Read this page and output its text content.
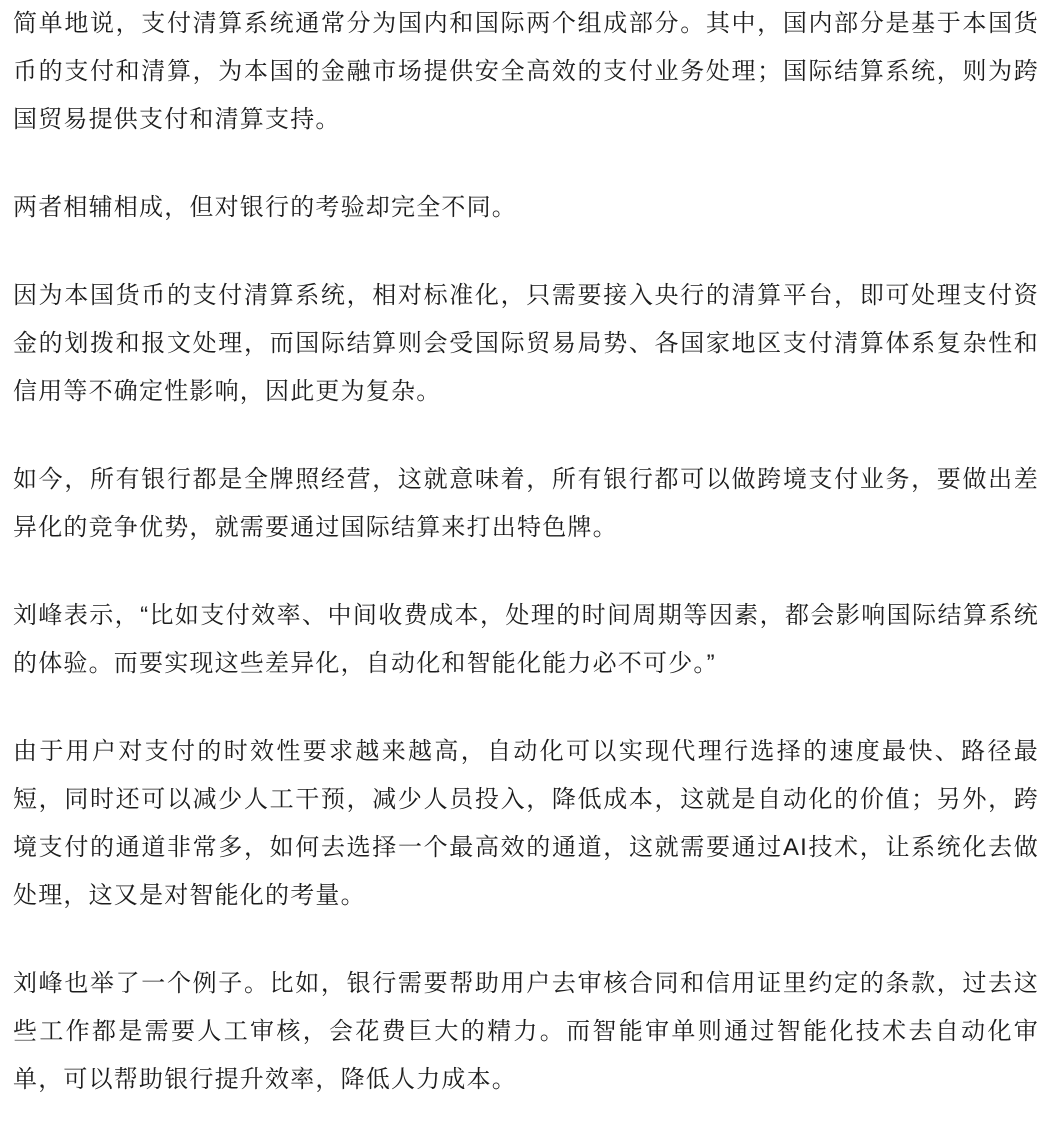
简单地说，支付清算系统通常分为国内和国际两个组成部分。其中，国内部分是基于本国货币的支付和清算，为本国的金融市场提供安全高效的支付业务处理；国际结算系统，则为跨国贸易提供支付和清算支持。

两者相辅相成，但对银行的考验却完全不同。

因为本国货币的支付清算系统，相对标准化，只需要接入央行的清算平台，即可处理支付资金的划拨和报文处理，而国际结算则会受国际贸易局势、各国家地区支付清算体系复杂性和信用等不确定性影响，因此更为复杂。

如今，所有银行都是全牌照经营，这就意味着，所有银行都可以做跨境支付业务，要做出差异化的竞争优势，就需要通过国际结算来打出特色牌。

刘峰表示，“比如支付效率、中间收费成本，处理的时间周期等因素，都会影响国际结算系统的体验。而要实现这些差异化，自动化和智能化能力必不可少。”

由于用户对支付的时效性要求越来越高，自动化可以实现代理行选择的速度最快、路径最短，同时还可以减少人工干预，减少人员投入，降低成本，这就是自动化的价值；另外，跨境支付的通道非常多，如何去选择一个最高效的通道，这就需要通过AI技术，让系统化去做处理，这又是对智能化的考量。

刘峰也举了一个例子。比如，银行需要帮助用户去审核合同和信用证里约定的条款，过去这些工作都是需要人工审核，会花费巨大的精力。而智能审单则通过智能化技术去自动化审单，可以帮助银行提升效率，降低人力成本。
